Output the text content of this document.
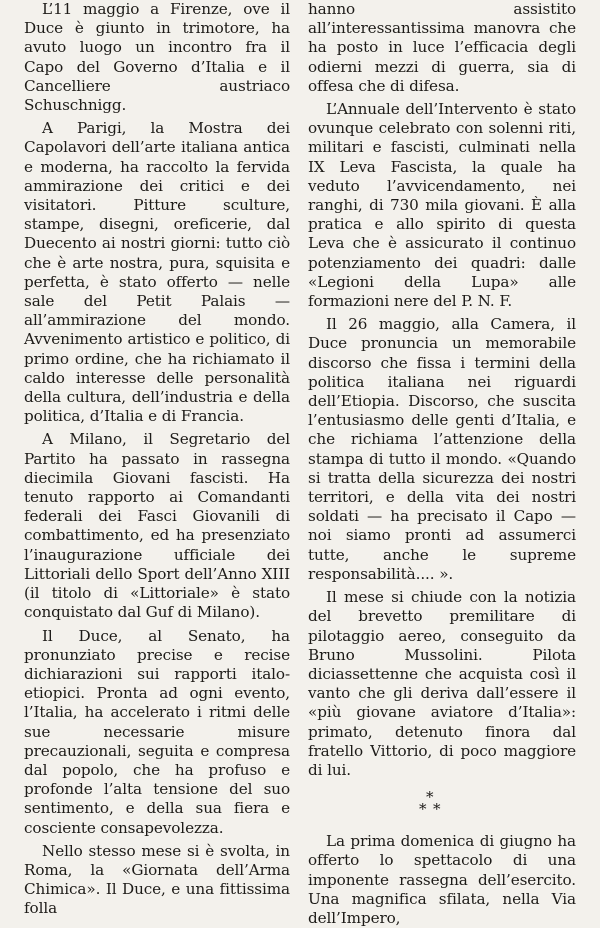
L’11 maggio a Firenze, ove il Duce è giunto in trimotore, ha avuto luogo un incontro fra il Capo del Governo d’Italia e il Cancelliere austriaco Schuschnigg.

A Parigi, la Mostra dei Capolavori dell’arte italiana antica e moderna, ha raccolto la fervida ammirazione dei critici e dei visitatori. Pitture sculture, stampe, disegni, oreficerie, dal Duecento ai nostri giorni: tutto ciò che è arte nostra, pura, squisita e perfetta, è stato offerto — nelle sale del Petit Palais — all’ammirazione del mondo. Avvenimento artistico e politico, di primo ordine, che ha richiamato il caldo interesse delle personalità della cultura, dell’industria e della politica, d’Italia e di Francia.

A Milano, il Segretario del Partito ha passato in rassegna diecimila Giovani fascisti. Ha tenuto rapporto ai Comandanti federali dei Fasci Giovanili di combattimento, ed ha presenziato l’inaugurazione ufficiale dei Littoriali dello Sport dell’Anno XIII (il titolo di «Littoriale» è stato conquistato dal Guf di Milano).

Il Duce, al Senato, ha pronunziato precise e recise dichiarazioni sui rapporti italo-etiopici. Pronta ad ogni evento, l’Italia, ha accelerato i ritmi delle sue necessarie misure precauzionali, seguita e compresa dal popolo, che ha profuso e profonde l’alta tensione del suo sentimento, e della sua fiera e cosciente consapevolezza.

Nello stesso mese si è svolta, in Roma, la «Giornata dell’Arma Chimica». Il Duce, e una fittissima folla

hanno assistito all’interessantissima manovra che ha posto in luce l’efficacia degli odierni mezzi di guerra, sia di offesa che di difesa.

L’Annuale dell’Intervento è stato ovunque celebrato con solenni riti, militari e fascisti, culminati nella IX Leva Fascista, la quale ha veduto l’avvicendamento, nei ranghi, di 730 mila giovani. È alla pratica e allo spirito di questa Leva che è assicurato il continuo potenziamento dei quadri: dalle «Legioni della Lupa» alle formazioni nere del P. N. F.

Il 26 maggio, alla Camera, il Duce pronuncia un memorabile discorso che fissa i termini della politica italiana nei riguardi dell’Etiopia. Discorso, che suscita l’entusiasmo delle genti d’Italia, e che richiama l’attenzione della stampa di tutto il mondo. «Quando si tratta della sicurezza dei nostri territori, e della vita dei nostri soldati — ha precisato il Capo — noi siamo pronti ad assumerci tutte, anche le supreme responsabilità.... ».

Il mese si chiude con la notizia del brevetto premilitare di pilotaggio aereo, conseguito da Bruno Mussolini. Pilota diciassettenne che acquista così il vanto che gli deriva dall’essere il «più giovane aviatore d’Italia»: primato, detenuto finora dal fratello Vittorio, di poco maggiore di lui.

*
* *

La prima domenica di giugno ha offerto lo spettacolo di una imponente rassegna dell’esercito. Una magnifica sfilata, nella Via dell’Impero,
